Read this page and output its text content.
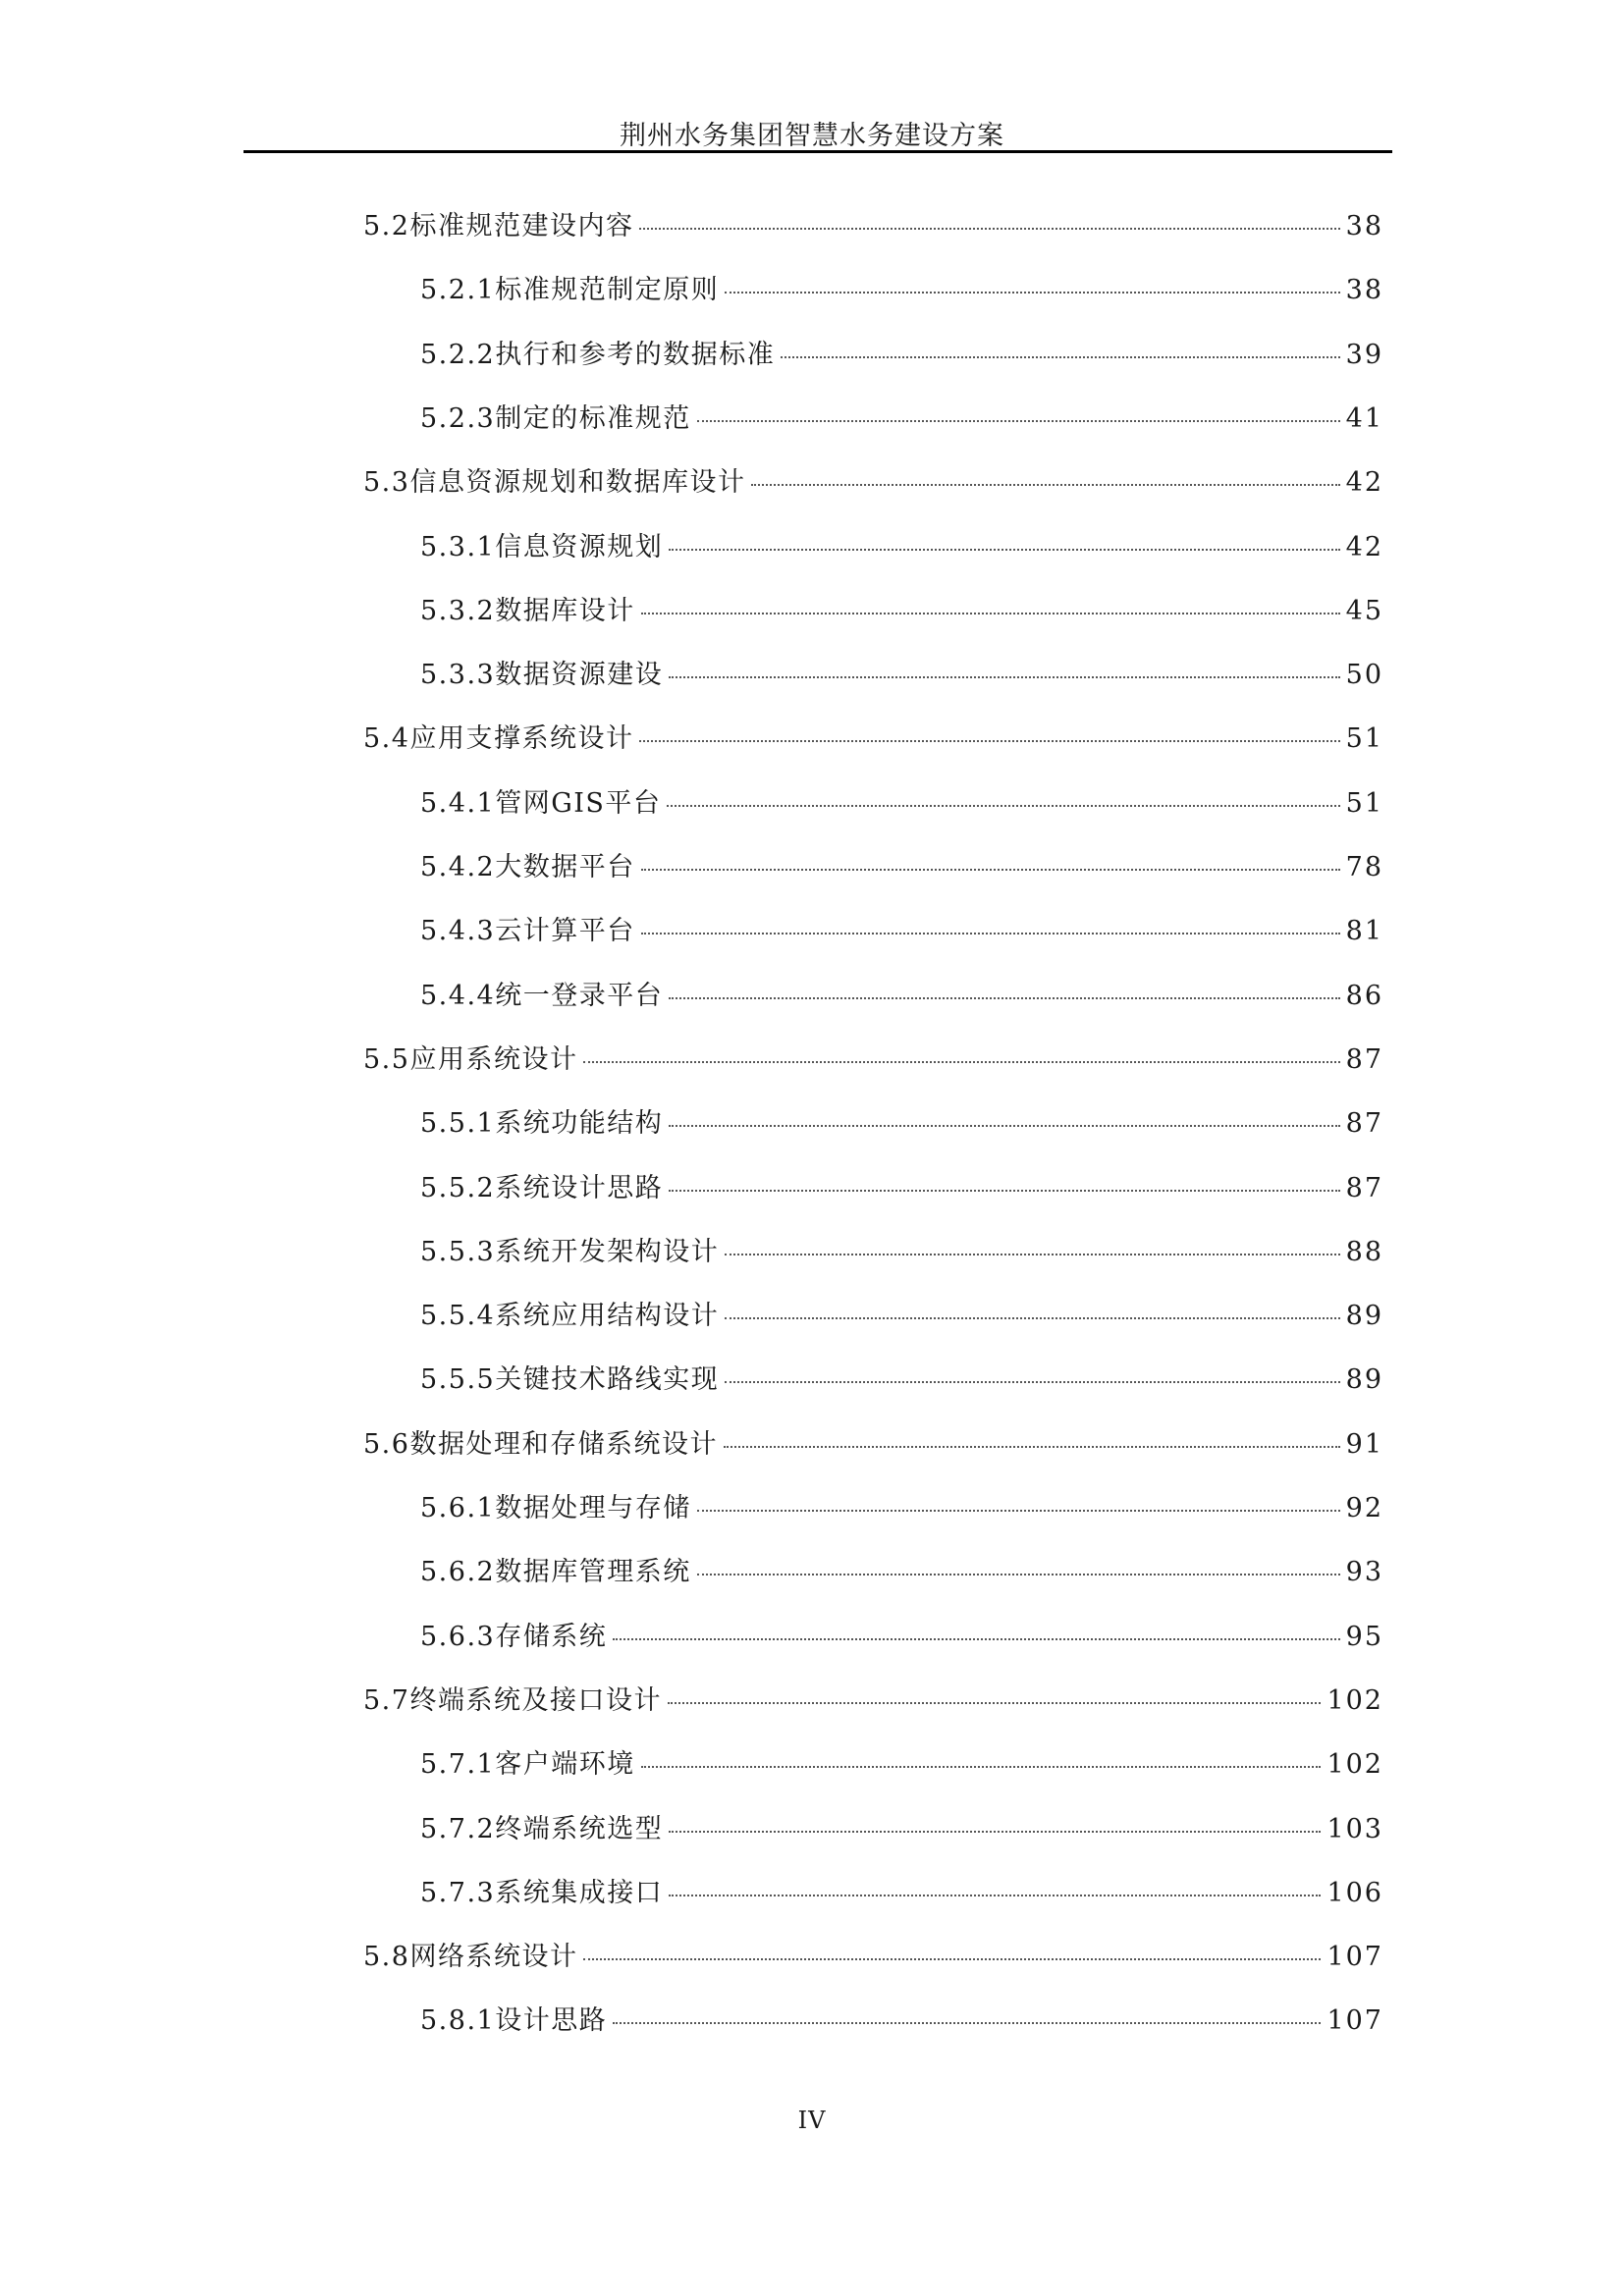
荆州水务集团智慧水务建设方案
5.2标准规范建设内容	38
5.2.1标准规范制定原则	38
5.2.2执行和参考的数据标准	39
5.2.3制定的标准规范	41
5.3信息资源规划和数据库设计	42
5.3.1信息资源规划	42
5.3.2数据库设计	45
5.3.3数据资源建设	50
5.4应用支撑系统设计	51
5.4.1管网GIS平台	51
5.4.2大数据平台	78
5.4.3云计算平台	81
5.4.4统一登录平台	86
5.5应用系统设计	87
5.5.1系统功能结构	87
5.5.2系统设计思路	87
5.5.3系统开发架构设计	88
5.5.4系统应用结构设计	89
5.5.5关键技术路线实现	89
5.6数据处理和存储系统设计	91
5.6.1数据处理与存储	92
5.6.2数据库管理系统	93
5.6.3存储系统	95
5.7终端系统及接口设计	102
5.7.1客户端环境	102
5.7.2终端系统选型	103
5.7.3系统集成接口	106
5.8网络系统设计	107
5.8.1设计思路	107
IV
